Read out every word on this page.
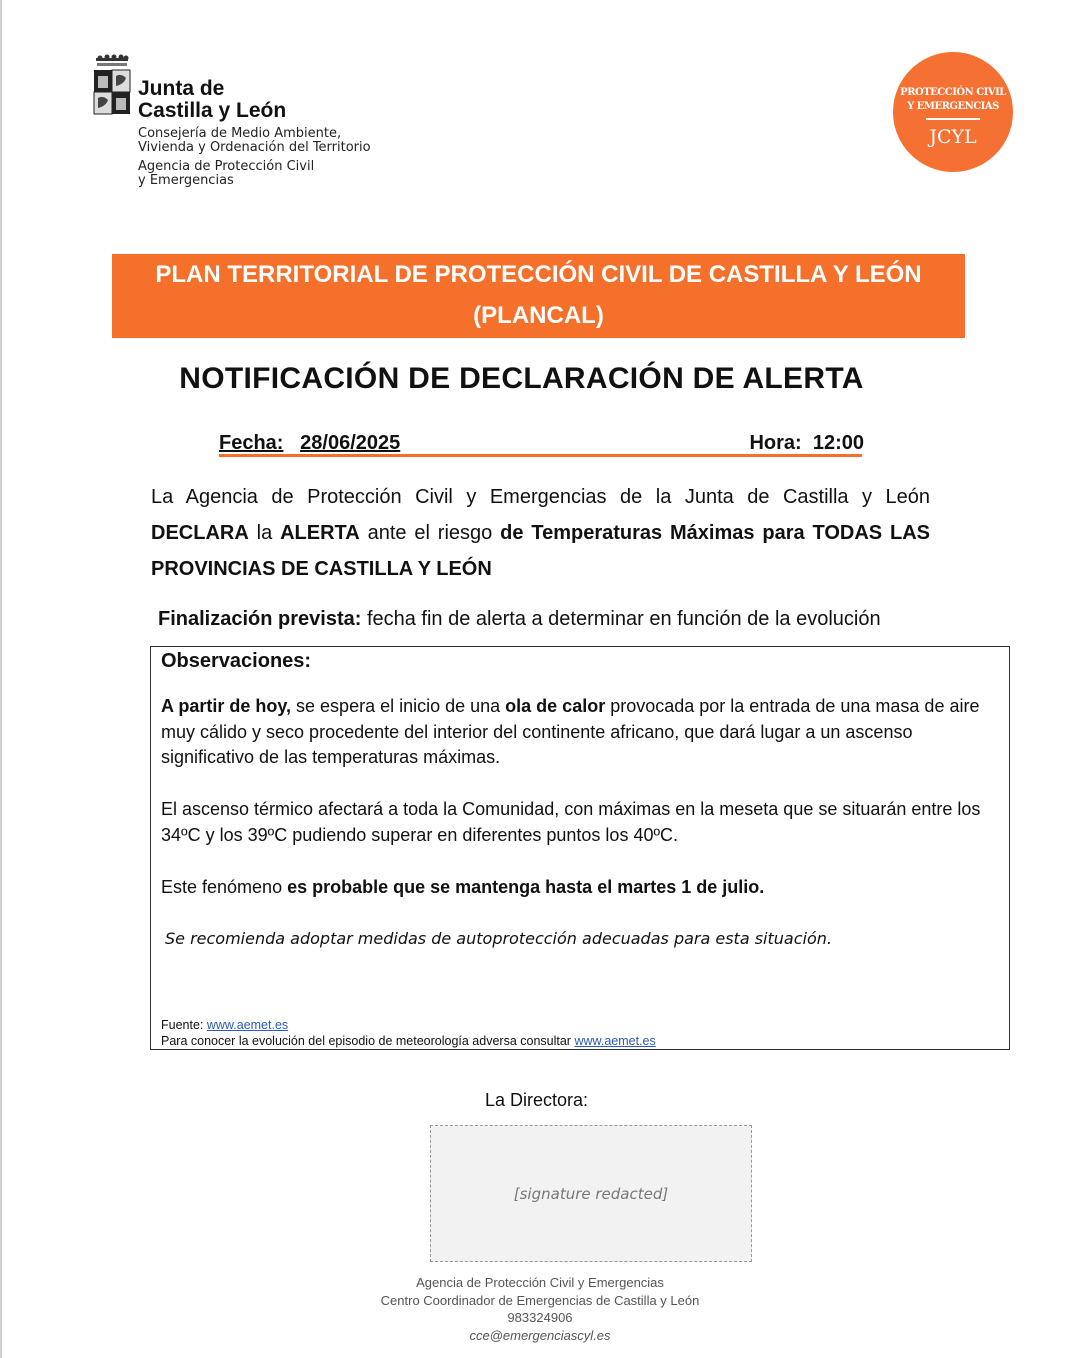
Junta de
Castilla y León
Consejería de Medio Ambiente,
Vivienda y Ordenación del Territorio
Agencia de Protección Civil
y Emergencias
PROTECCIÓN CIVIL
Y EMERGENCIAS
JCYL
PLAN TERRITORIAL DE PROTECCIÓN CIVIL DE CASTILLA Y LEÓN
(PLANCAL)
NOTIFICACIÓN DE DECLARACIÓN DE ALERTA
Fecha: 28/06/2025	Hora: 12:00
La Agencia de Protección Civil y Emergencias de la Junta de Castilla y León DECLARA la ALERTA ante el riesgo de Temperaturas Máximas para TODAS LAS PROVINCIAS DE CASTILLA Y LEÓN
Finalización prevista: fecha fin de alerta a determinar en función de la evolución
Observaciones:
A partir de hoy, se espera el inicio de una ola de calor provocada por la entrada de una masa de aire muy cálido y seco procedente del interior del continente africano, que dará lugar a un ascenso significativo de las temperaturas máximas.
El ascenso térmico afectará a toda la Comunidad, con máximas en la meseta que se situarán entre los 34ºC y los 39ºC pudiendo superar en diferentes puntos los 40ºC.
Este fenómeno es probable que se mantenga hasta el martes 1 de julio.
Se recomienda adoptar medidas de autoprotección adecuadas para esta situación.
Fuente: www.aemet.es
Para conocer la evolución del episodio de meteorología adversa consultar www.aemet.es
La Directora:
[signature redacted]
Agencia de Protección Civil y Emergencias
Centro Coordinador de Emergencias de Castilla y León
983324906
cce@emergenciascyl.es
